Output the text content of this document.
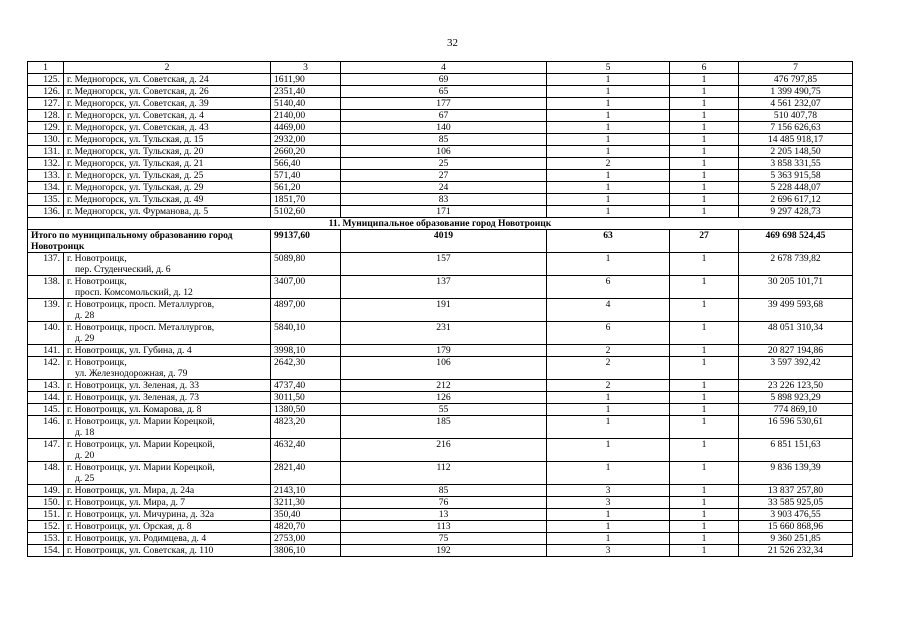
32
1	2	3	4	5	6	7
125.	г. Медногорск, ул. Советская, д. 24	1611,90	69	1	1	476 797,85
126.	г. Медногорск, ул. Советская, д. 26	2351,40	65	1	1	1 399 490,75
127.	г. Медногорск, ул. Советская, д. 39	5140,40	177	1	1	4 561 232,07
128.	г. Медногорск, ул. Советская, д. 4	2140,00	67	1	1	510 407,78
129.	г. Медногорск, ул. Советская, д. 43	4469,00	140	1	1	7 156 626,63
130.	г. Медногорск, ул. Тульская, д. 15	2932,00	85	1	1	14 485 918,17
131.	г. Медногорск, ул. Тульская, д. 20	2660,20	106	1	1	2 205 148,50
132.	г. Медногорск, ул. Тульская, д. 21	566,40	25	2	1	3 858 331,55
133.	г. Медногорск, ул. Тульская, д. 25	571,40	27	1	1	5 363 915,58
134.	г. Медногорск, ул. Тульская, д. 29	561,20	24	1	1	5 228 448,07
135.	г. Медногорск, ул. Тульская, д. 49	1851,70	83	1	1	2 696 617,12
136.	г. Медногорск, ул. Фурманова, д. 5	5102,60	171	1	1	9 297 428,73
11. Муниципальное образование город Новотроицк						
Итого по муниципальному образованию город Новотроицк		99137,60	4019	63	27	469 698 524,45
137.	г. Новотроицк,
пер. Студенческий, д. 6	5089,80	157	1	1	2 678 739,82
138.	г. Новотроицк,
просп. Комсомольский, д. 12	3407,00	137	6	1	30 205 101,71
139.	г. Новотроицк, просп. Металлургов,
д. 28	4897,00	191	4	1	39 499 593,68
140.	г. Новотроицк, просп. Металлургов,
д. 29	5840,10	231	6	1	48 051 310,34
141.	г. Новотроицк, ул. Губина, д. 4	3998,10	179	2	1	20 827 194,86
142.	г. Новотроицк,
ул. Железнодорожная, д. 79	2642,30	106	2	1	3 597 392,42
143.	г. Новотроицк, ул. Зеленая, д. 33	4737,40	212	2	1	23 226 123,50
144.	г. Новотроицк, ул. Зеленая, д. 73	3011,50	126	1	1	5 898 923,29
145.	г. Новотроицк, ул. Комарова, д. 8	1380,50	55	1	1	774 869,10
146.	г. Новотроицк, ул. Марии Корецкой,
д. 18	4823,20	185	1	1	16 596 530,61
147.	г. Новотроицк, ул. Марии Корецкой,
д. 20	4632,40	216	1	1	6 851 151,63
148.	г. Новотроицк, ул. Марии Корецкой,
д. 25	2821,40	112	1	1	9 836 139,39
149.	г. Новотроицк, ул. Мира, д. 24а	2143,10	85	3	1	13 837 257,80
150.	г. Новотроицк, ул. Мира, д. 7	3211,30	76	3	1	33 585 925,05
151.	г. Новотроицк, ул. Мичурина, д. 32а	350,40	13	1	1	3 903 476,55
152.	г. Новотроицк, ул. Орская, д. 8	4820,70	113	1	1	15 660 868,96
153.	г. Новотроицк, ул. Родимцева, д. 4	2753,00	75	1	1	9 360 251,85
154.	г. Новотроицк, ул. Советская, д. 110	3806,10	192	3	1	21 526 232,34
